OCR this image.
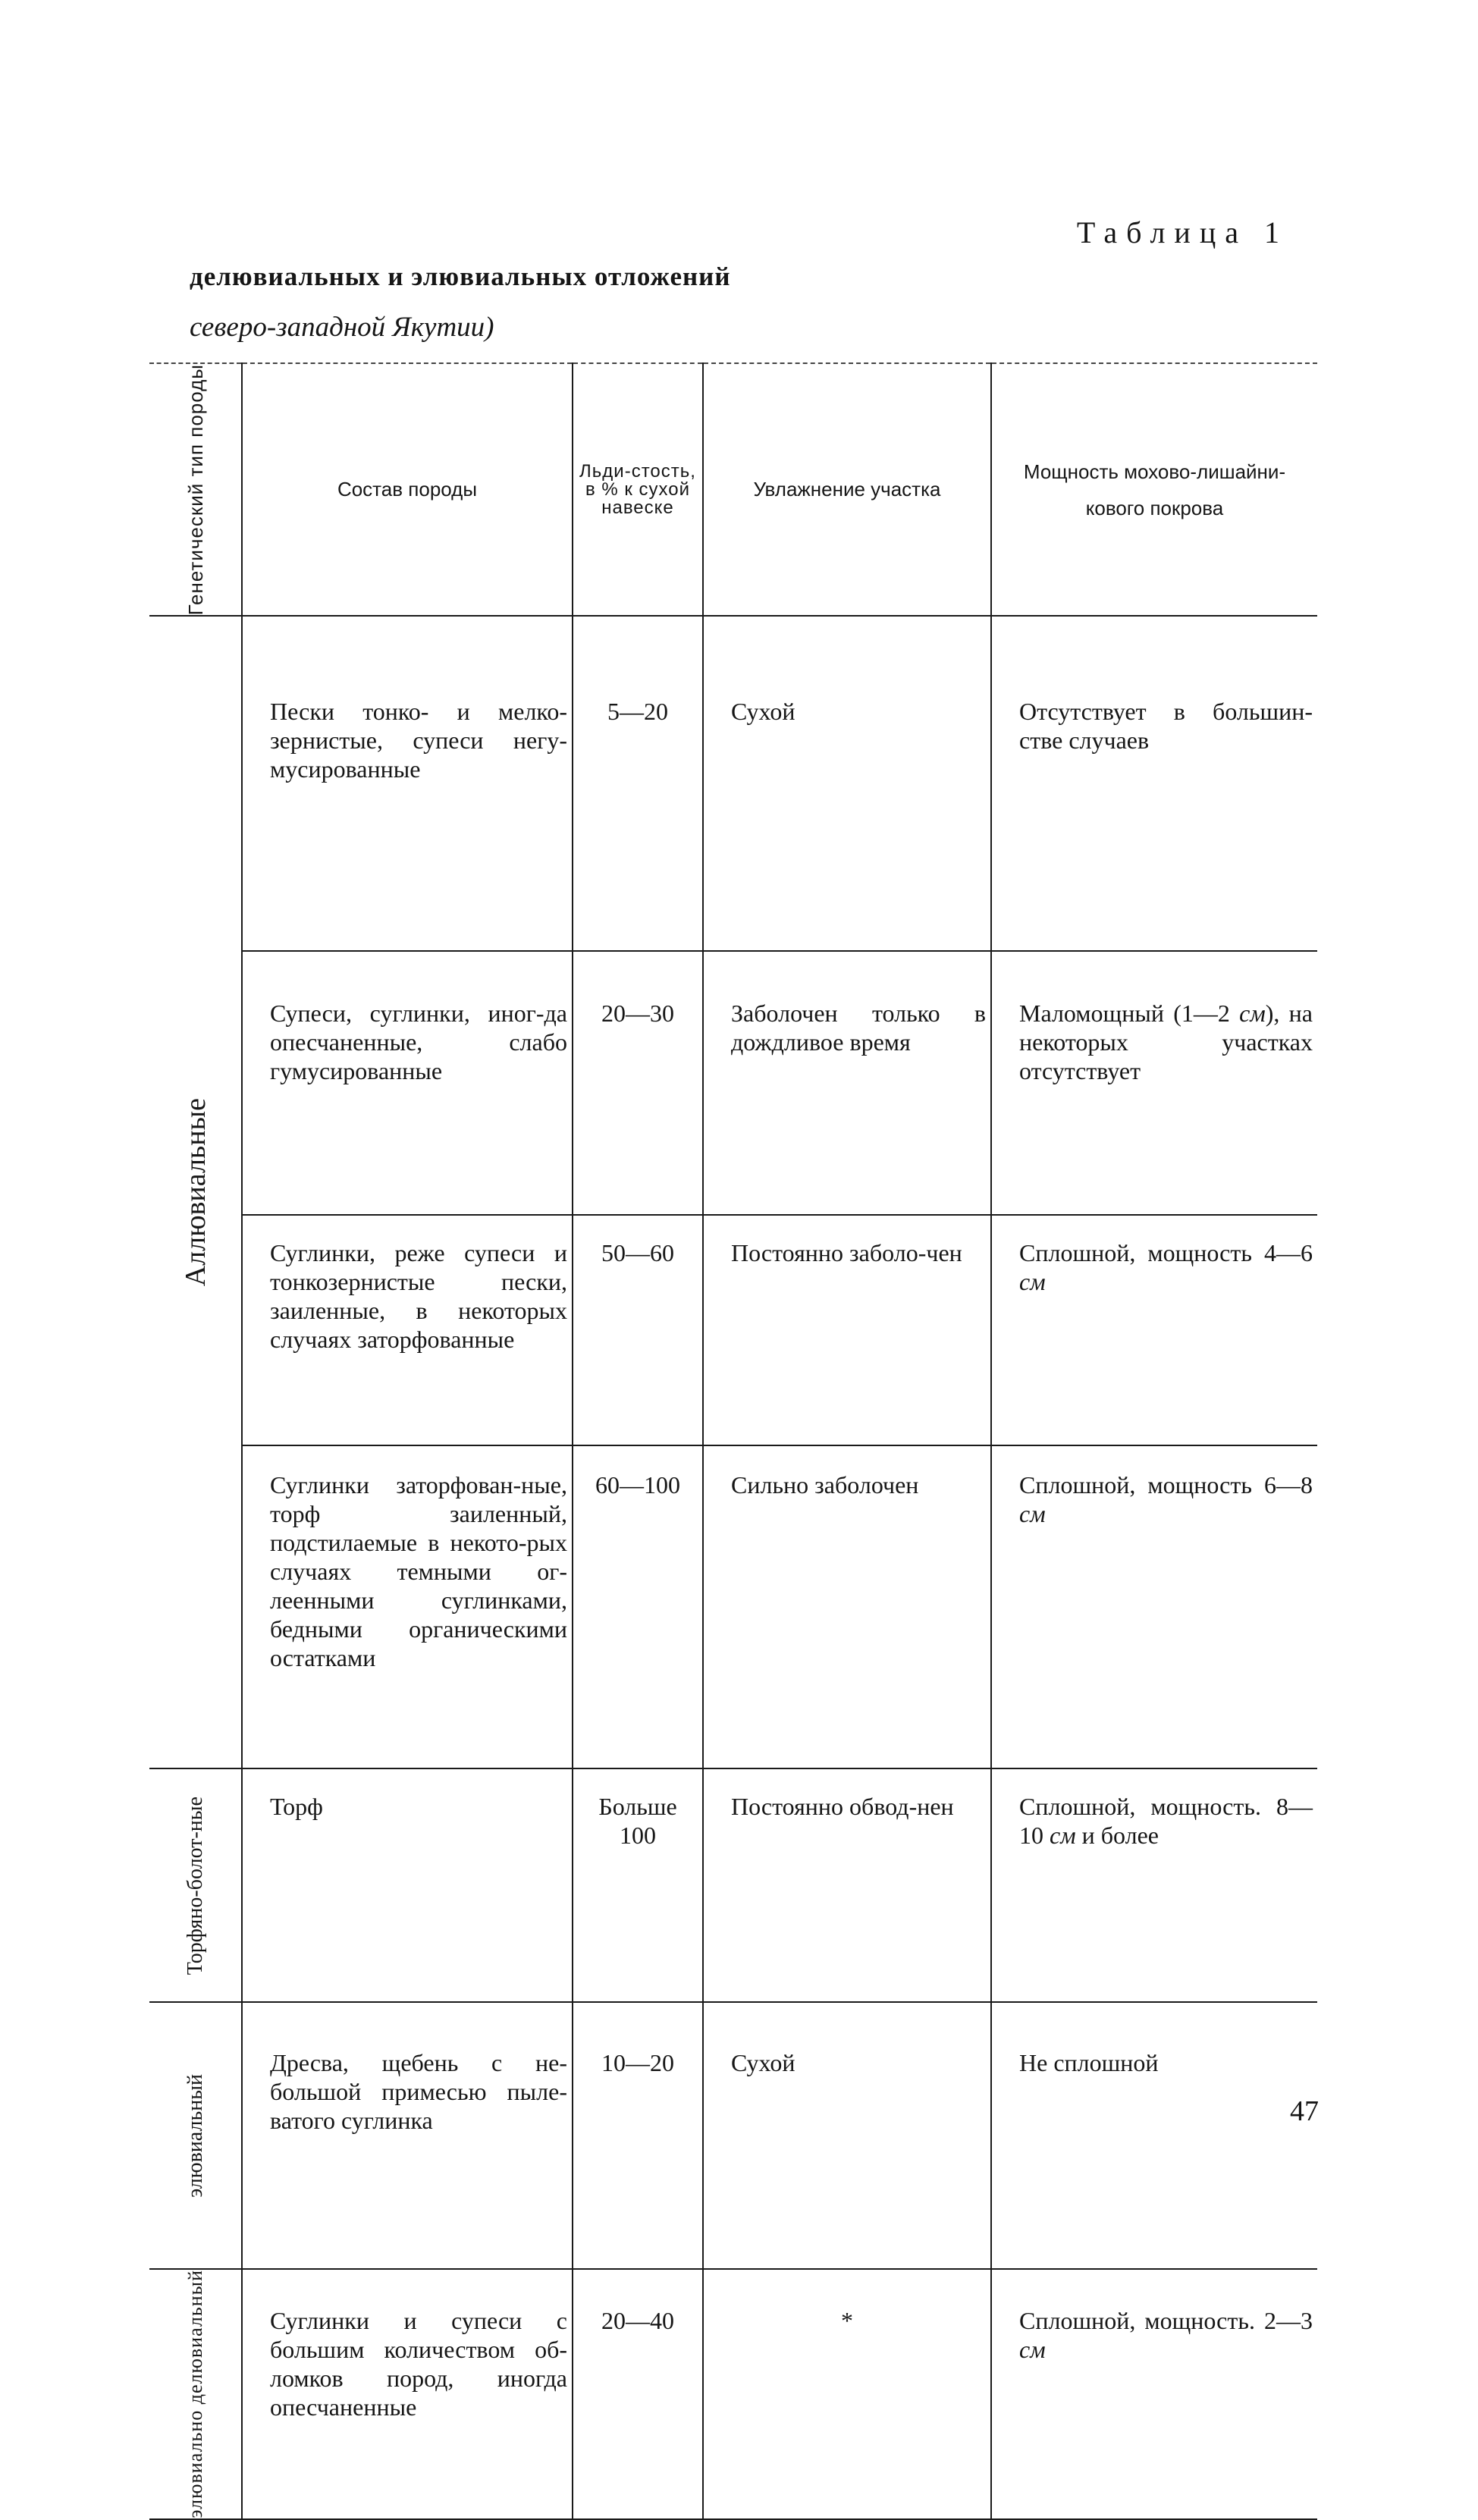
Таблица 1
делювиальных и элювиальных отложений
северо-западной Якутии)
Генетический тип породы	Состав породы	Льди-стость, в % к сухой навеске	Увлажнение участка	Мощность мохово-лишайни-кового покрова

Аллювиальные	Пески тонко- и мелко-зернистые, супеси негу-мусированные	5—20	Сухой	Отсутствует в большин-стве случаев
	Супеси, суглинки, иног-да опесчаненные, слабо гумусированные	20—30	Заболочен только в дождливое время	Маломощный (1—2 см), на некоторых участках отсутствует
	Суглинки, реже супеси и тонкозернистые пески, заиленные, в некоторых случаях заторфованные	50—60	Постоянно заболо-чен	Сплошной, мощность 4—6 см
	Суглинки заторфован-ные, торф заиленный, подстилаемые в некото-рых случаях темными ог-леенными суглинками, бедными органическими остатками	60—100	Сильно заболочен	Сплошной, мощность 6—8 см

Торфяно-болот-ные	Торф	Больше 100	Постоянно обвод-нен	Сплошной, мощность. 8—10 см и более

элювиальный	Дресва, щебень с не-большой примесью пыле-ватого суглинка	10—20	Сухой	Не сплошной

элювиально делювиальный	Суглинки и супеси с большим количеством об-ломков пород, иногда опесчаненные	20—40	*	Сплошной, мощность. 2—3 см
47
